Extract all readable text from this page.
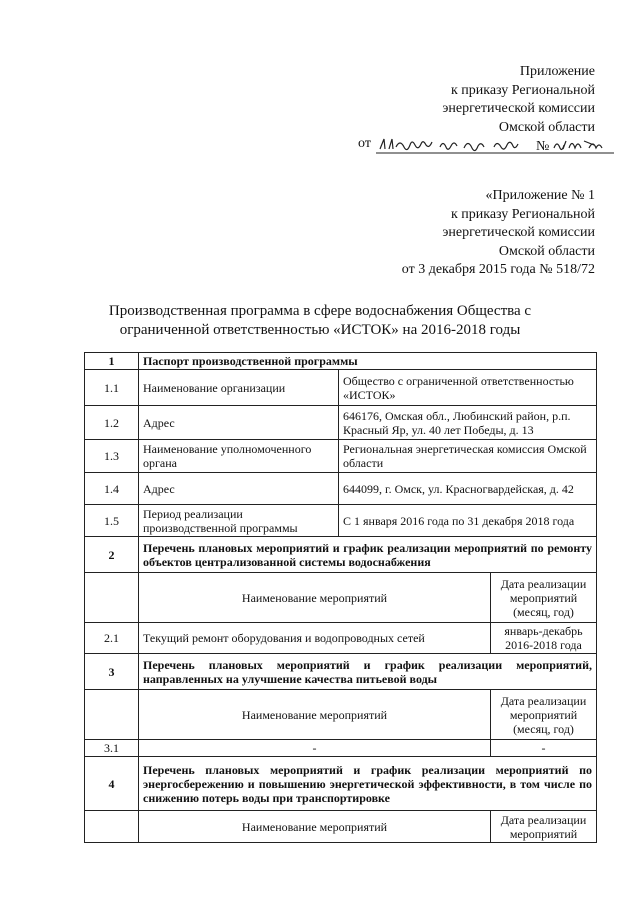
Приложение
к приказу Региональной
энергетической комиссии
Омской области
от	№
«Приложение № 1
к приказу Региональной
энергетической комиссии
Омской области
от 3 декабря 2015 года № 518/72
Производственная программа в сфере водоснабжения Общества с
ограниченной ответственностью «ИСТОК» на 2016-2018 годы
1	Паспорт производственной программы		
1.1	Наименование организации	Общество с ограниченной ответственностью «ИСТОК»	
1.2	Адрес	646176, Омская обл., Любинский район, р.п. Красный Яр, ул. 40 лет Победы, д. 13	
1.3	Наименование уполномоченного органа	Региональная энергетическая комиссия Омской области	
1.4	Адрес	644099, г. Омск, ул. Красногвардейская, д. 42	
1.5	Период реализации производственной программы	С 1 января 2016 года по 31 декабря 2018 года	
2	Перечень плановых мероприятий и график реализации мероприятий по ремонту объектов централизованной системы водоснабжения		
	Наименование мероприятий		Дата реализации мероприятий (месяц, год)
2.1	Текущий ремонт оборудования и водопроводных сетей		январь-декабрь 2016-2018 года
3	Перечень плановых мероприятий и график реализации мероприятий, направленных на улучшение качества питьевой воды		
	Наименование мероприятий		Дата реализации мероприятий (месяц, год)
3.1	-		-
4	Перечень плановых мероприятий и график реализации мероприятий по энергосбережению и повышению энергетической эффективности, в том числе по снижению потерь воды при транспортировке		
	Наименование мероприятий		Дата реализации мероприятий
